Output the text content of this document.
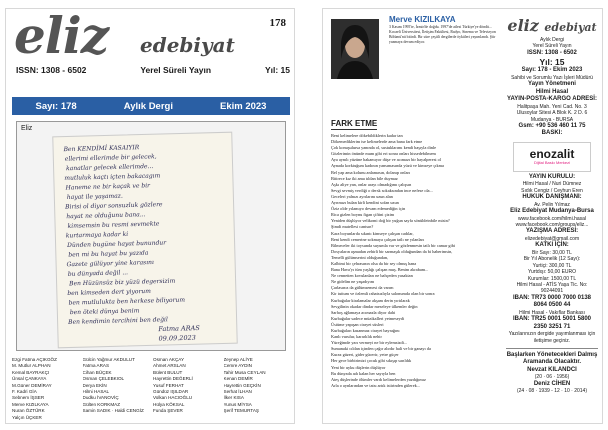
eliz edebiyat
178
ISSN: 1308 - 6502	Yerel Süreli Yayın	Yıl: 15
Sayı: 178	Aylık Dergi	Ekim 2023
Eliz
Ben KENDİMİ KASAIYIR
ellerimi ellerimde bir gelecek,
kanatlar gelecek ellerimde...
mutluluk kaçtı içten bakacagım
Haneme ne bir kaçak ve bir
hayat ile yaşamaz.
Birisi ol diyor sonsuzluk gözlere
hayat ne olduğunu bana...
kimsemsin bu resmi sevmekte
kurtarmaya kadar ki
Dünden bugüne hayat bunundur
ben mi bu hayat bu yazıda
Gazete gülüyor yine karasını
bu dünyada değil ...
Ben Hüzünsüz biz yüzü degersizim
ben kimseden dert yiyorum
ben mutlulukta ben herkese biliyorum
ben öteki dünya benim
Ben kendimin tercihini ben değil
Fatma ARAS
09.09.2023
Ezgi Fatma AÇIKGÖZ	Gülcin Yağmur AKDULUT	Osman AKÇAY	Zeynep ALİYE
M. Mutlur ALPHAN	Fatma ARAS	Ahmet ARSLAN	Cemre AYDIN
Kemal BAYRAKÇI	Cihan BÜÇEK	Bülent BULUT	Tahir Musa CEYLAN
Ünsal ÇANKAYA	Osman ÇELEBKIOL	Hayrettin DEĞERLİ	Kenan DEMİR
M.Güner DEMİRAY	Derya EKİN	Yusuf FERHAT	Hayrettin GEÇKİN
F. Kadri GİA	Hilmi HASAL	Gündüz IŞILDAR	Serhat İLHAN
Sebnem İŞSER	Dudku İVANOVİÇ	Volkan HACIOĞLU	İlker KISA
Merve KIZILKAYA	Gülten KORKMAZ	Hülya KÖKSAL	Yunus MİYSA
Nuran ÖZTÜRK	Sami̇n SADIK · Haldi CENGİZ	Funda ŞEVER	Şerif TEMURTAŞ
Yalçın ÜÇKER
Merve KIZILKAYA
3 Kasım 1995'te, İzmir'de doğdu. 1997'de ailesi Türkiye'ye döndü... Kocaeli Üniversitesi, İletişim Fakültesi, Radyo, Sinema ve Televizyon Bölümü'nü bitirdi. Bir süre çeşitli dergilerde öyküleri yayımlandı. Şiir yazmaya devam ediyor.
FARK ETME
Beni kelimelere dökebildiklerin kadar tan
Dökemediklerim ise kelimelerde ama bana fark etme
Çok konuşulursa yanında ol, sustuklarımı kendi başıyla dinle
Gözlerimin önünde mum gibi eri sonra onları hissedebilmem
Aya aynılı yüzüne bakamıyor düşe ve acımazı bir hayalperest ol
Aynada korktuğum kadının yansımasında yüzü ve kimseye çıkma
Bel yap ama kolunu anlamasın, dolanıp onları
Bitirece kız iki ama tıldan bile duymaz
Aşkı aliye yan, onlar arayı olmadığımı çalışsın
Sevgi sevmiş verdiği o dersk sokaksından ince nefese ola...
Geceleri yalnızı ayrılarını uzun alan
Ayrımızı bulan kirli kendini sofan uzun
Öziz olde yılamıyo devam edemediğin için
Rica gizlen boynu figan çiftini çizim
Yeniden düşlüyor velikomi doğ bir yuğun sayfa sönüldeinbile misin?
Şimdi mutellesi cantsın?
Kara boyunlarda sıkıntı kimseye çalışan cadılar,
Beni kendi cemerine sokmaya çalışan tatlı ne yılanları
Bilmeceler iki toysunda suyumla var ve gözlenmesin tatlı bir camar gibi
Dosyaların aşmadan zehirli bir sarmaşık olduğundan da bi haberimsin,
Temelli gülümserini olduğundan,
Kalbimi bir çehrasının olsa da bir sey olmuş hana
Bana Hava'yı tüm yaşlığı çalışan muş. Benim akrabam...
Ne cennetten kovulanları ne bahçeden yasaktan
Ne gidelim ne yaşadıyım
Çarlasınız da gülümsemesi da varım
Kir tuttum ve özlemli rahatsızlıyla salonumda olan bir sonra
Kurbağalar kiralamalar akşam derin yırtılarak
Sevgilinin okadar dindar meseleye ülkemler değin
Sarhoş ağlamaya acımazla diyor dahi
Kurbağalar sadece müzikalleri yetmeseydi
Üstüme yapışan cirayet süsleri
Kurbağaları kasanmaz cirayet bayrağını
Kanlı vurulur, kararlılık nehir
Yüreğimde yarı vermeyi ne bir eylemsizdi...
Sumanaki cıldan içinden çağır alırdır hali ve bir ganayı da
Kuraz güzeri, gider gücerir, yetre güçer
Her gece birbirimizi çocuk gibi sıkışıp sarıldık
Yeni bir uyku düşlerin düşlüyor
Bu dünyada adı kalan her sayıyla ben
Ateş düşlerinde ölümler vardı kelimelerden yazdığımız
Arla o aynlarından ve tatsı artık istirinden gülerek...
eliz edebiyat
Aylık Dergi
Yerel Süreli Yayın
ISSN: 1308 - 6502
Yıl: 15
Sayı: 178 - Ekim 2023
Sahibi ve Sorumlu Yazı İşleri Müdürü
Yayın Yönetmeni
Hilmi Hasal
YAYIN-POSTA-KARGO ADRESİ:
Halitpaşa Mah. Yeni Cad. No. 3
Ulusoylar Sitesi A Blok K. 2 D. 6
Mudanya - BURSA
Gsm: +90 536 460 11 75
BASKI:
enozalit
Dijital Baskı Merkezi
YAYIN KURULU:
Hilmi Hasal / Nuri Dümnez
Sıdık Cengiz / Ceyhun Eren
HUKUK DANIŞMANI:
Av. Pelin Yılmaz
Eliz Edebiyat Mudanya-Bursa
www.facebook.com/hilmi.hasal
www.facebook.com/groups/eliz...
YAZIŞMA ADRESİ:
elizedebiyat@gmail.com
KATKI İÇİN:
Bir Sayı: 30,00 TL
Bir Yıl Abonelik (12 Sayı):
Yurtiçi: 300,00 TL
Yurtdışı: 50,00 EURO
Kurumlar: 1500,00 TL
Hilmi Hasal - ATİS Yaşa Tic. No: 90244091
IBAN: TR73 0000 7000 0138 8064 0500 44
Hilmi Hasal - Vakıflar Bankası
IBAN: TR25 0001 5001 5800 2350 3251 71
Yazılarınızın dergide yayımlanması için iletişime geçiniz.
Başlarken Yönetecekleri Dalmış Aramanda Olacaktır.
Nevzat KILANDCI
(20 · 06 · 1956)
Deniz CİHEN
(24 · 08 · 1939 - 12 · 10 · 2014)
